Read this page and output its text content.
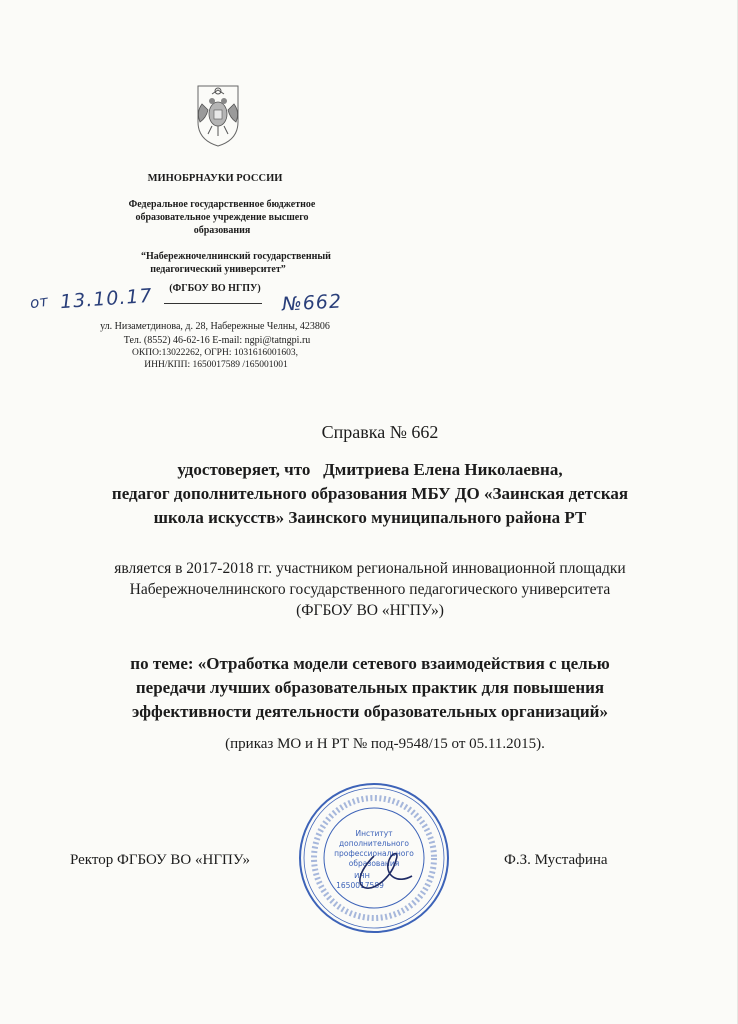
МИНОБРНАУКИ РОССИИ
Федеральное государственное бюджетное
образовательное учреждение высшего
образования
“Набережночелнинский государственный
педагогический университет”
(ФГБОУ ВО НГПУ)
от 13.10.17	№662
ул. Низаметдинова, д. 28, Набережные Челны, 423806
Тел. (8552) 46-62-16 E-mail: ngpi@tatngpi.ru
ОКПО:13022262, ОГРН: 1031616001603,
ИНН/КПП: 1650017589 /165001001
Справка № 662
удостоверяет, что   Дмитриева Елена Николаевна,
педагог дополнительного образования МБУ ДО «Заинская детская
школа искусств» Заинского муниципального района РТ
является в 2017-2018 гг. участником региональной инновационной площадки
Набережночелнинского государственного педагогического университета
(ФГБОУ ВО «НГПУ»)
по теме: «Отработка модели сетевого взаимодействия с целью
передачи лучших образовательных практик для повышения
эффективности деятельности образовательных организаций»
(приказ МО и Н РТ № под-9548/15 от 05.11.2015).
Институт
дополнительного
профессионального
образования
ИНН
1650017589
Ректор ФГБОУ ВО «НГПУ»	Ф.З. Мустафина
